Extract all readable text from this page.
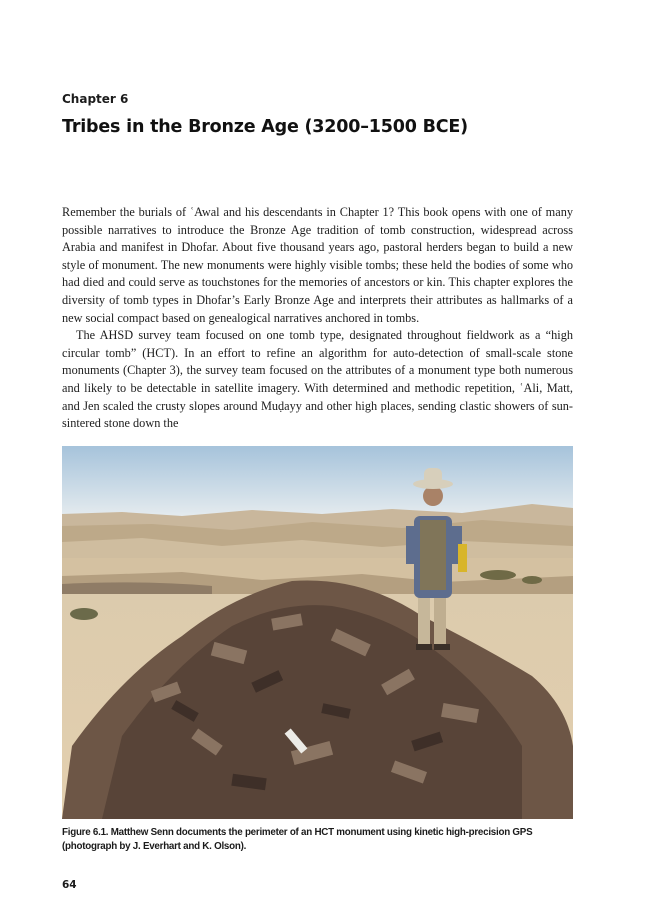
Chapter 6
Tribes in the Bronze Age (3200–1500 BCE)

Remember the burials of ʿAwal and his descendants in Chapter 1? This book opens with one of many possible narratives to introduce the Bronze Age tradition of tomb construction, widespread across Arabia and manifest in Dhofar. About five thousand years ago, pastoral herders began to build a new style of monument. The new monuments were highly visible tombs; these held the bodies of some who had died and could serve as touchstones for the memories of ancestors or kin. This chapter explores the diversity of tomb types in Dhofar’s Early Bronze Age and interprets their attributes as hallmarks of a new social compact based on genealogical narratives anchored in tombs.

The AHSD survey team focused on one tomb type, designated throughout fieldwork as a “high circular tomb” (HCT). In an effort to refine an algorithm for auto-detection of small-scale stone monuments (Chapter 3), the survey team focused on the attributes of a monument type both numerous and likely to be detectable in satellite imagery. With determined and methodic repetition, ʿAli, Matt, and Jen scaled the crusty slopes around Muḍayy and other high places, sending clastic showers of sun-sintered stone down the

Figure 6.1. Matthew Senn documents the perimeter of an HCT monument using kinetic high-precision GPS (photograph by J. Everhart and K. Olson).
64
